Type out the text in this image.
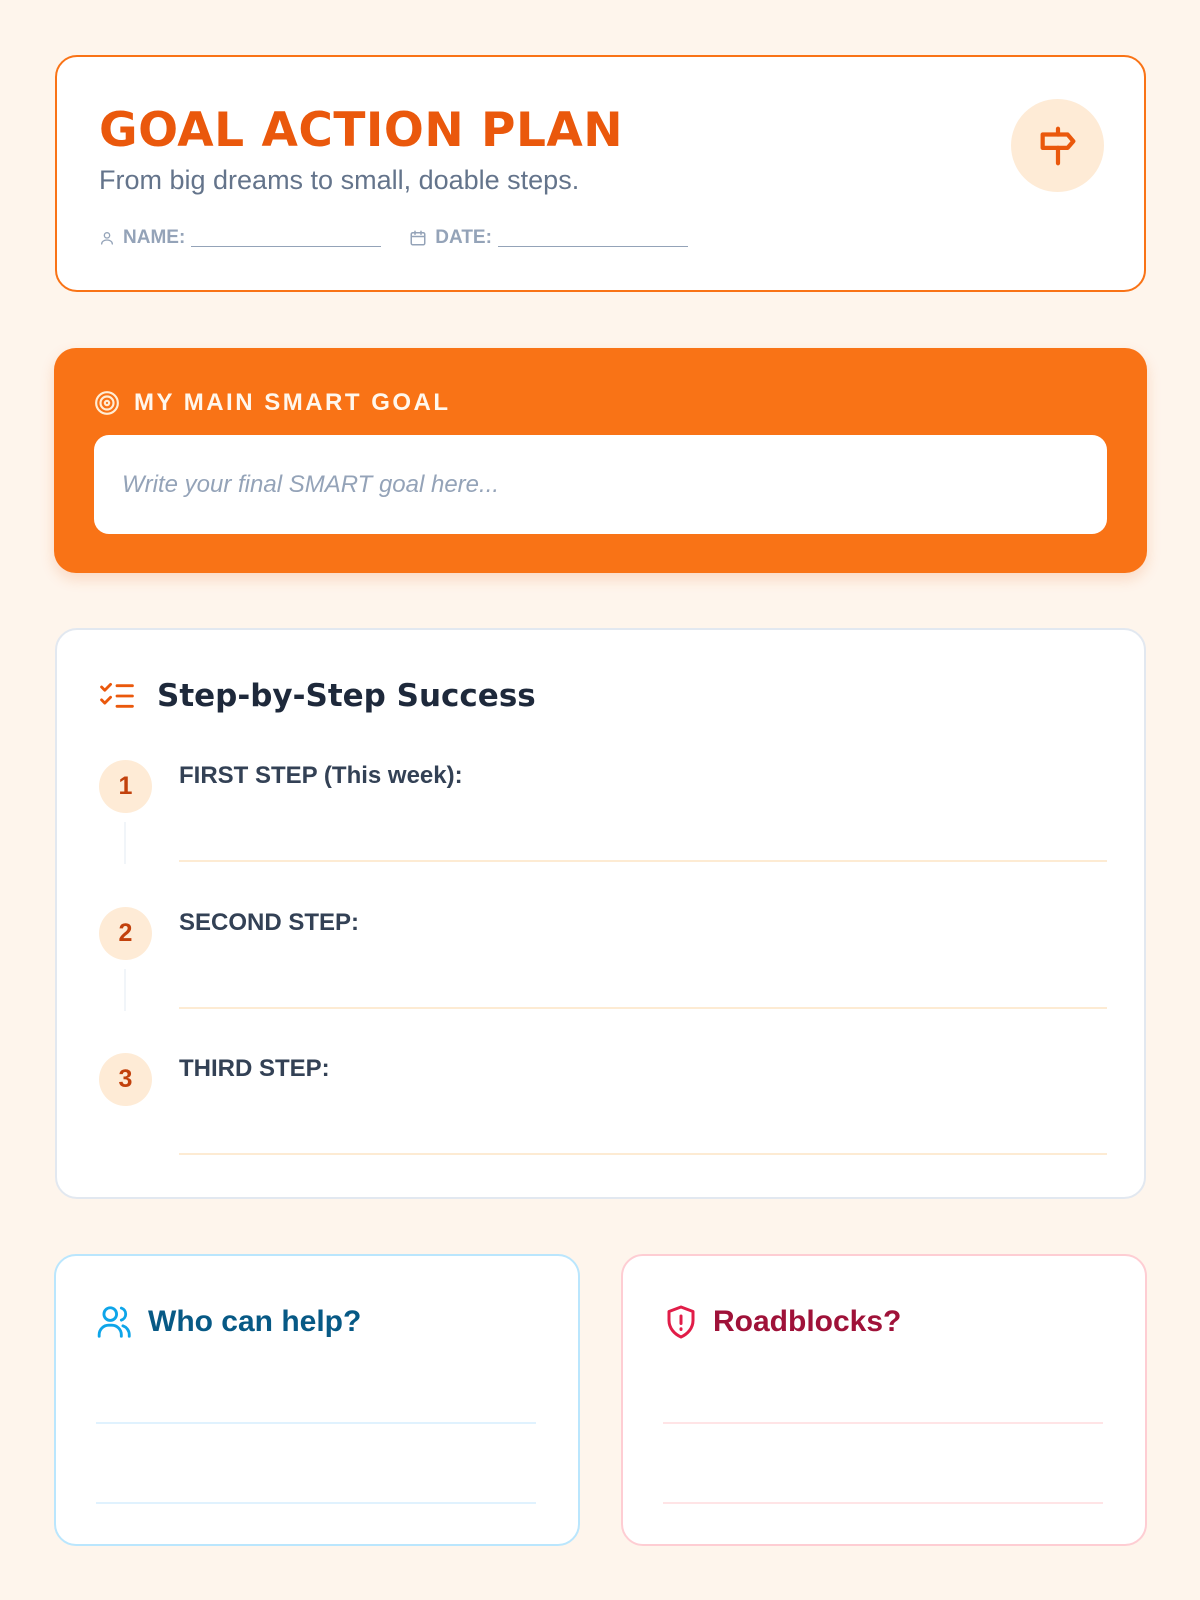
GOAL ACTION PLAN

From big dreams to small, doable steps.

NAME:	DATE:
MY MAIN SMART GOAL
Write your final SMART goal here...
Step-by-Step Success
1	FIRST STEP (This week):
2	SECOND STEP:
3	THIRD STEP:
Who can help?	Roadblocks?
